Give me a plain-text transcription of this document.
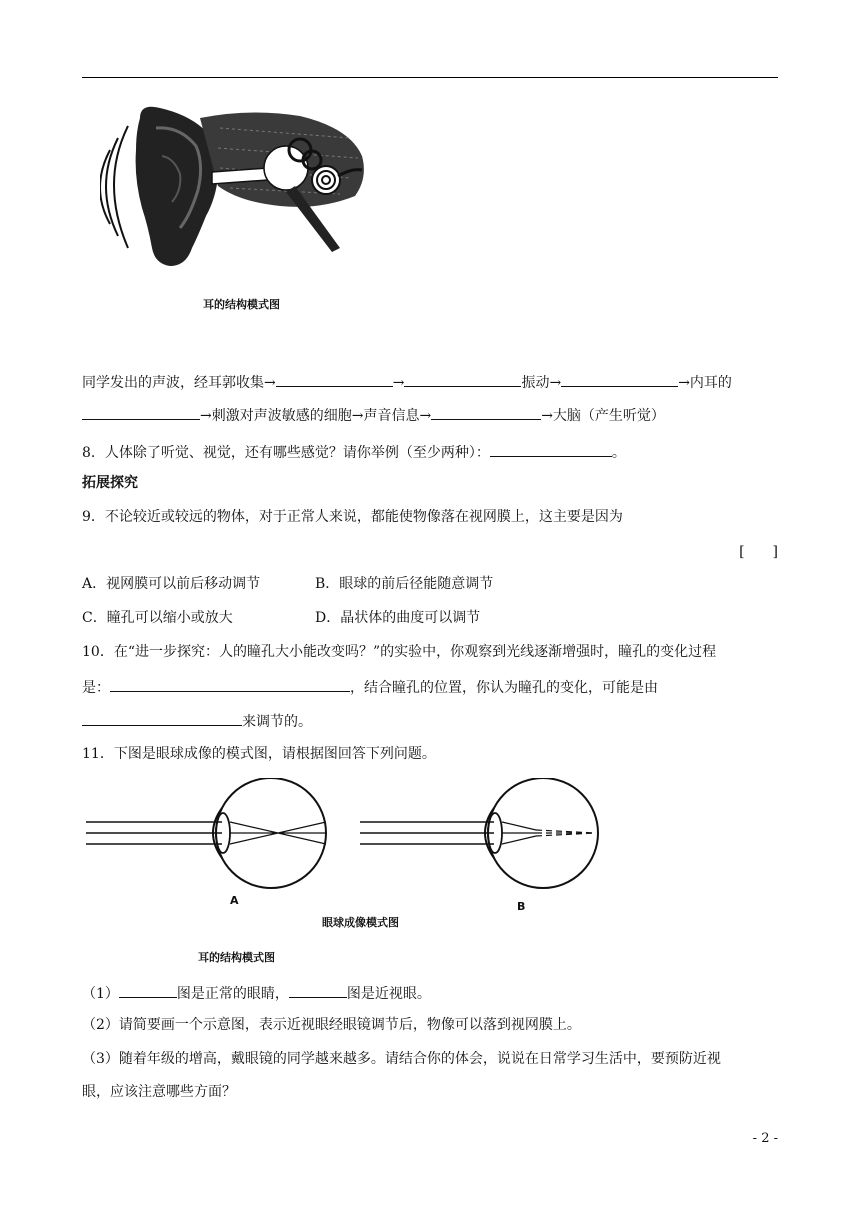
耳的结构模式图
同学发出的声波，经耳郭收集→	→	振动→	→内耳的
→刺激对声波敏感的细胞→声音信息→	→大脑（产生听觉）
8．人体除了听觉、视觉，还有哪些感觉？请你举例（至少两种）：	。
拓展探究
9．不论较近或较远的物体，对于正常人来说，都能使物像落在视网膜上，这主要是因为
[　　]
A．视网膜可以前后移动调节	B．眼球的前后径能随意调节
C．瞳孔可以缩小或放大	D．晶状体的曲度可以调节
10．在“进一步探究：人的瞳孔大小能改变吗？”的实验中，你观察到光线逐渐增强时，瞳孔的变化过程
是：	，结合瞳孔的位置，你认为瞳孔的变化，可能是由
来调节的。
11．下图是眼球成像的模式图，请根据图回答下列问题。
A	B
眼球成像模式图
耳的结构模式图
（1）	图是正常的眼睛，	图是近视眼。
（2）请简要画一个示意图，表示近视眼经眼镜调节后，物像可以落到视网膜上。
（3）随着年级的增高，戴眼镜的同学越来越多。请结合你的体会，说说在日常学习生活中，要预防近视
眼，应该注意哪些方面？
- 2 -
